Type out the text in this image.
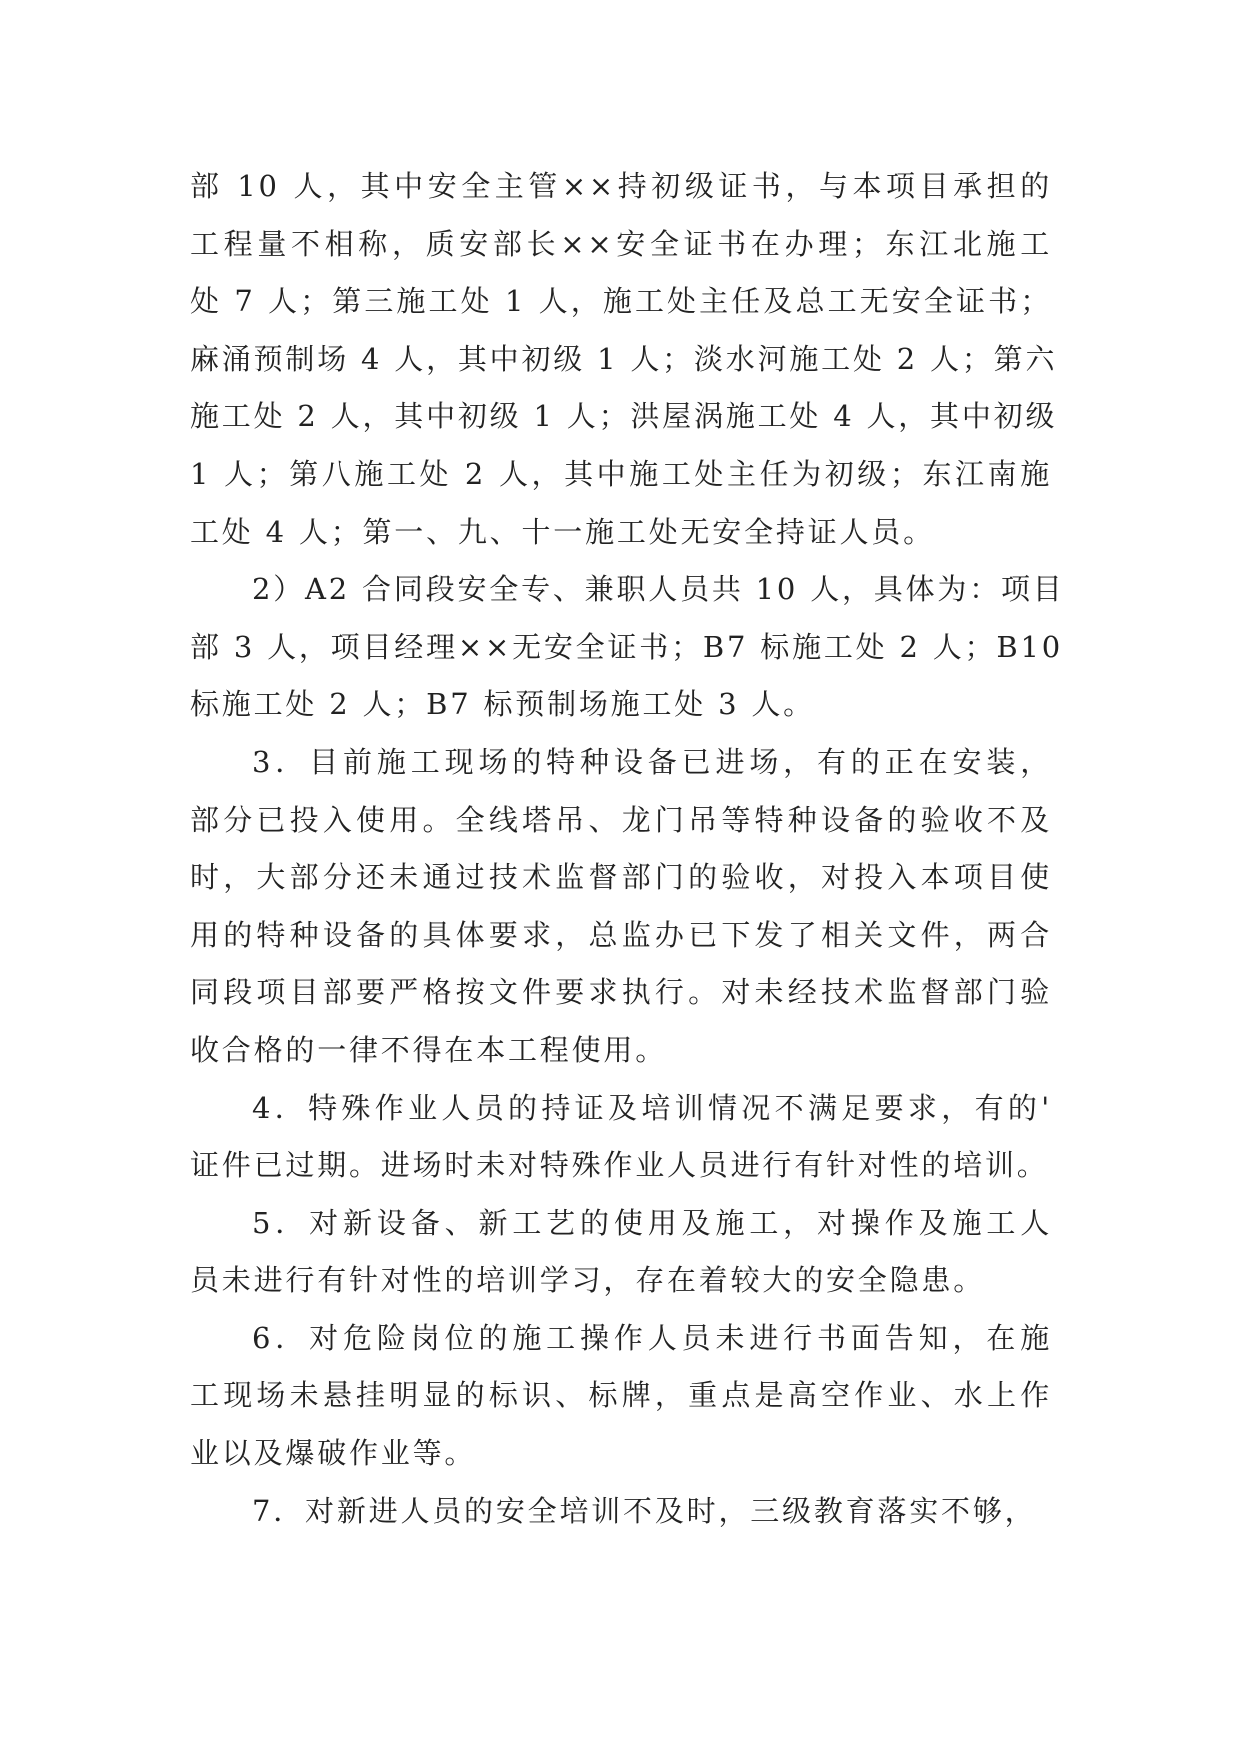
部 10 人，其中安全主管××持初级证书，与本项目承担的
工程量不相称，质安部长××安全证书在办理；东江北施工
处 7 人；第三施工处 1 人，施工处主任及总工无安全证书；
麻涌预制场 4 人，其中初级 1 人；淡水河施工处 2 人；第六
施工处 2 人，其中初级 1 人；洪屋涡施工处 4 人，其中初级
1 人；第八施工处 2 人，其中施工处主任为初级；东江南施
工处 4 人；第一、九、十一施工处无安全持证人员。
2）A2 合同段安全专、兼职人员共 10 人，具体为：项目
部 3 人，项目经理××无安全证书；B7 标施工处 2 人；B10
标施工处 2 人；B7 标预制场施工处 3 人。
3．目前施工现场的特种设备已进场，有的正在安装，
部分已投入使用。全线塔吊、龙门吊等特种设备的验收不及
时，大部分还未通过技术监督部门的验收，对投入本项目使
用的特种设备的具体要求，总监办已下发了相关文件，两合
同段项目部要严格按文件要求执行。对未经技术监督部门验
收合格的一律不得在本工程使用。
4．特殊作业人员的持证及培训情况不满足要求，有的'
证件已过期。进场时未对特殊作业人员进行有针对性的培训。
5．对新设备、新工艺的使用及施工，对操作及施工人
员未进行有针对性的培训学习，存在着较大的安全隐患。
6．对危险岗位的施工操作人员未进行书面告知，在施
工现场未悬挂明显的标识、标牌，重点是高空作业、水上作
业以及爆破作业等。
7．对新进人员的安全培训不及时，三级教育落实不够，
